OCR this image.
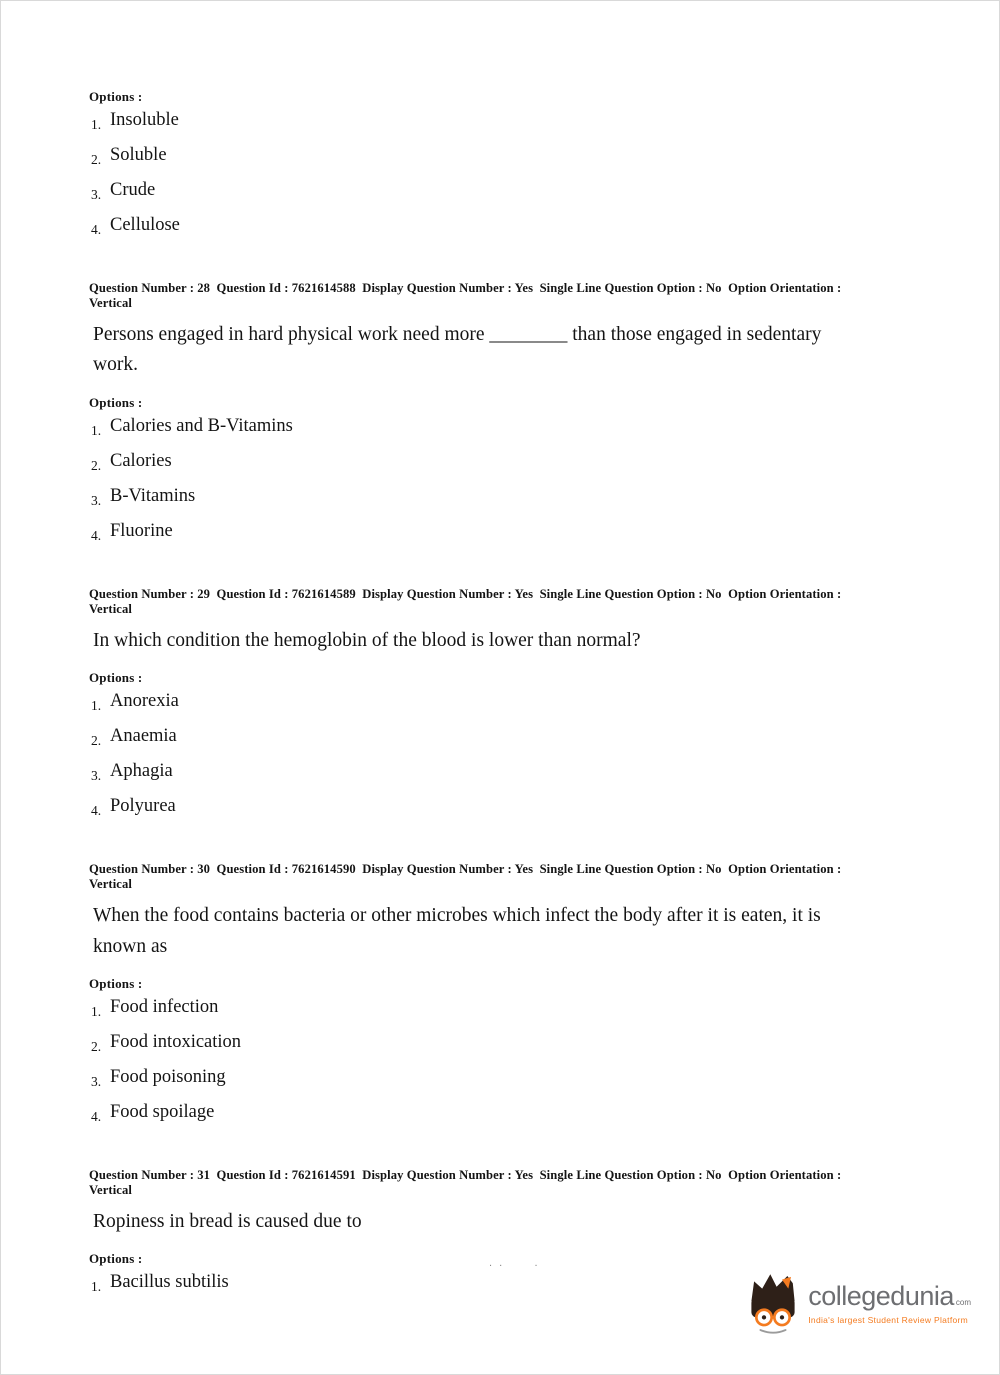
Options :
1. Insoluble
2. Soluble
3. Crude
4. Cellulose
Question Number : 28  Question Id : 7621614588  Display Question Number : Yes  Single Line Question Option : No  Option Orientation : Vertical
Persons engaged in hard physical work need more ________ than those engaged in sedentary work.
Options :
1. Calories and B-Vitamins
2. Calories
3. B-Vitamins
4. Fluorine
Question Number : 29  Question Id : 7621614589  Display Question Number : Yes  Single Line Question Option : No  Option Orientation : Vertical
In which condition the hemoglobin of the blood is lower than normal?
Options :
1. Anorexia
2. Anaemia
3. Aphagia
4. Polyurea
Question Number : 30  Question Id : 7621614590  Display Question Number : Yes  Single Line Question Option : No  Option Orientation : Vertical
When the food contains bacteria or other microbes which infect the body after it is eaten, it is known as
Options :
1. Food infection
2. Food intoxication
3. Food poisoning
4. Food spoilage
Question Number : 31  Question Id : 7621614591  Display Question Number : Yes  Single Line Question Option : No  Option Orientation : Vertical
Ropiness in bread is caused due to
Options :
1. Bacillus subtilis
. .      .
collegedunia com
India's largest Student Review Platform
